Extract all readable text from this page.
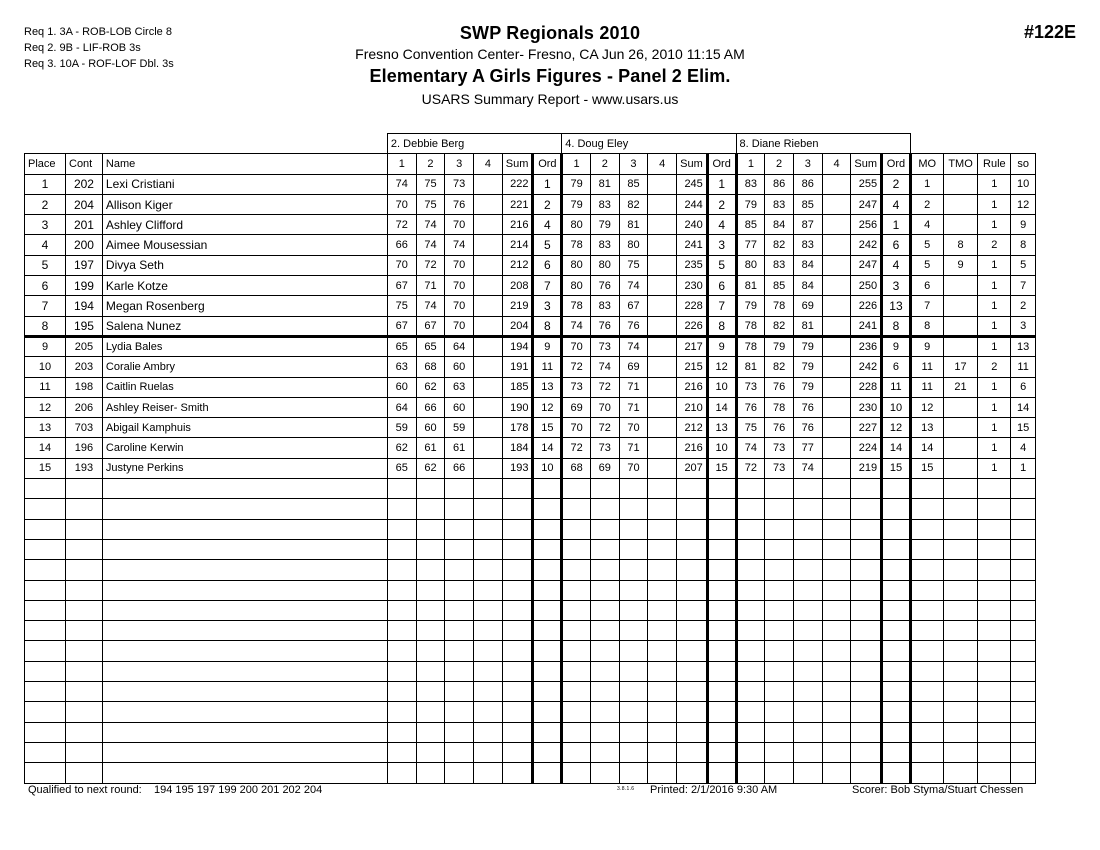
Req 1. 3A - ROB-LOB Circle 8
Req 2. 9B - LIF-ROB 3s
Req 3. 10A - ROF-LOF Dbl. 3s
SWP Regionals 2010
Fresno Convention Center- Fresno, CA Jun 26, 2010 11:15 AM
Elementary A Girls Figures - Panel 2 Elim.
USARS Summary Report - www.usars.us
#122E
			2. Debbie Berg						4. Doug Eley						8. Diane Rieben									
Place	Cont	Name	1	2	3	4	Sum	Ord	1	2	3	4	Sum	Ord	1	2	3	4	Sum	Ord	MO	TMO	Rule	so
1	202	Lexi Cristiani	74	75	73		222	1	79	81	85		245	1	83	86	86		255	2	1		1	10
2	204	Allison Kiger	70	75	76		221	2	79	83	82		244	2	79	83	85		247	4	2		1	12
3	201	Ashley Clifford	72	74	70		216	4	80	79	81		240	4	85	84	87		256	1	4		1	9
4	200	Aimee Mousessian	66	74	74		214	5	78	83	80		241	3	77	82	83		242	6	5	8	2	8
5	197	Divya Seth	70	72	70		212	6	80	80	75		235	5	80	83	84		247	4	5	9	1	5
6	199	Karle Kotze	67	71	70		208	7	80	76	74		230	6	81	85	84		250	3	6		1	7
7	194	Megan Rosenberg	75	74	70		219	3	78	83	67		228	7	79	78	69		226	13	7		1	2
8	195	Salena Nunez	67	67	70		204	8	74	76	76		226	8	78	82	81		241	8	8		1	3
9	205	Lydia Bales	65	65	64		194	9	70	73	74		217	9	78	79	79		236	9	9		1	13
10	203	Coralie Ambry	63	68	60		191	11	72	74	69		215	12	81	82	79		242	6	11	17	2	11
11	198	Caitlin Ruelas	60	62	63		185	13	73	72	71		216	10	73	76	79		228	11	11	21	1	6
12	206	Ashley Reiser- Smith	64	66	60		190	12	69	70	71		210	14	76	78	76		230	10	12		1	14
13	703	Abigail Kamphuis	59	60	59		178	15	70	72	70		212	13	75	76	76		227	12	13		1	15
14	196	Caroline Kerwin	62	61	61		184	14	72	73	71		216	10	74	73	77		224	14	14		1	4
15	193	Justyne Perkins	65	62	66		193	10	68	69	70		207	15	72	73	74		219	15	15		1	1

Qualified to next round: 194 195 197 199 200 201 202 204	3.8.1.6 Printed: 2/1/2016 9:30 AM	Scorer: Bob Styma/Stuart Chessen
